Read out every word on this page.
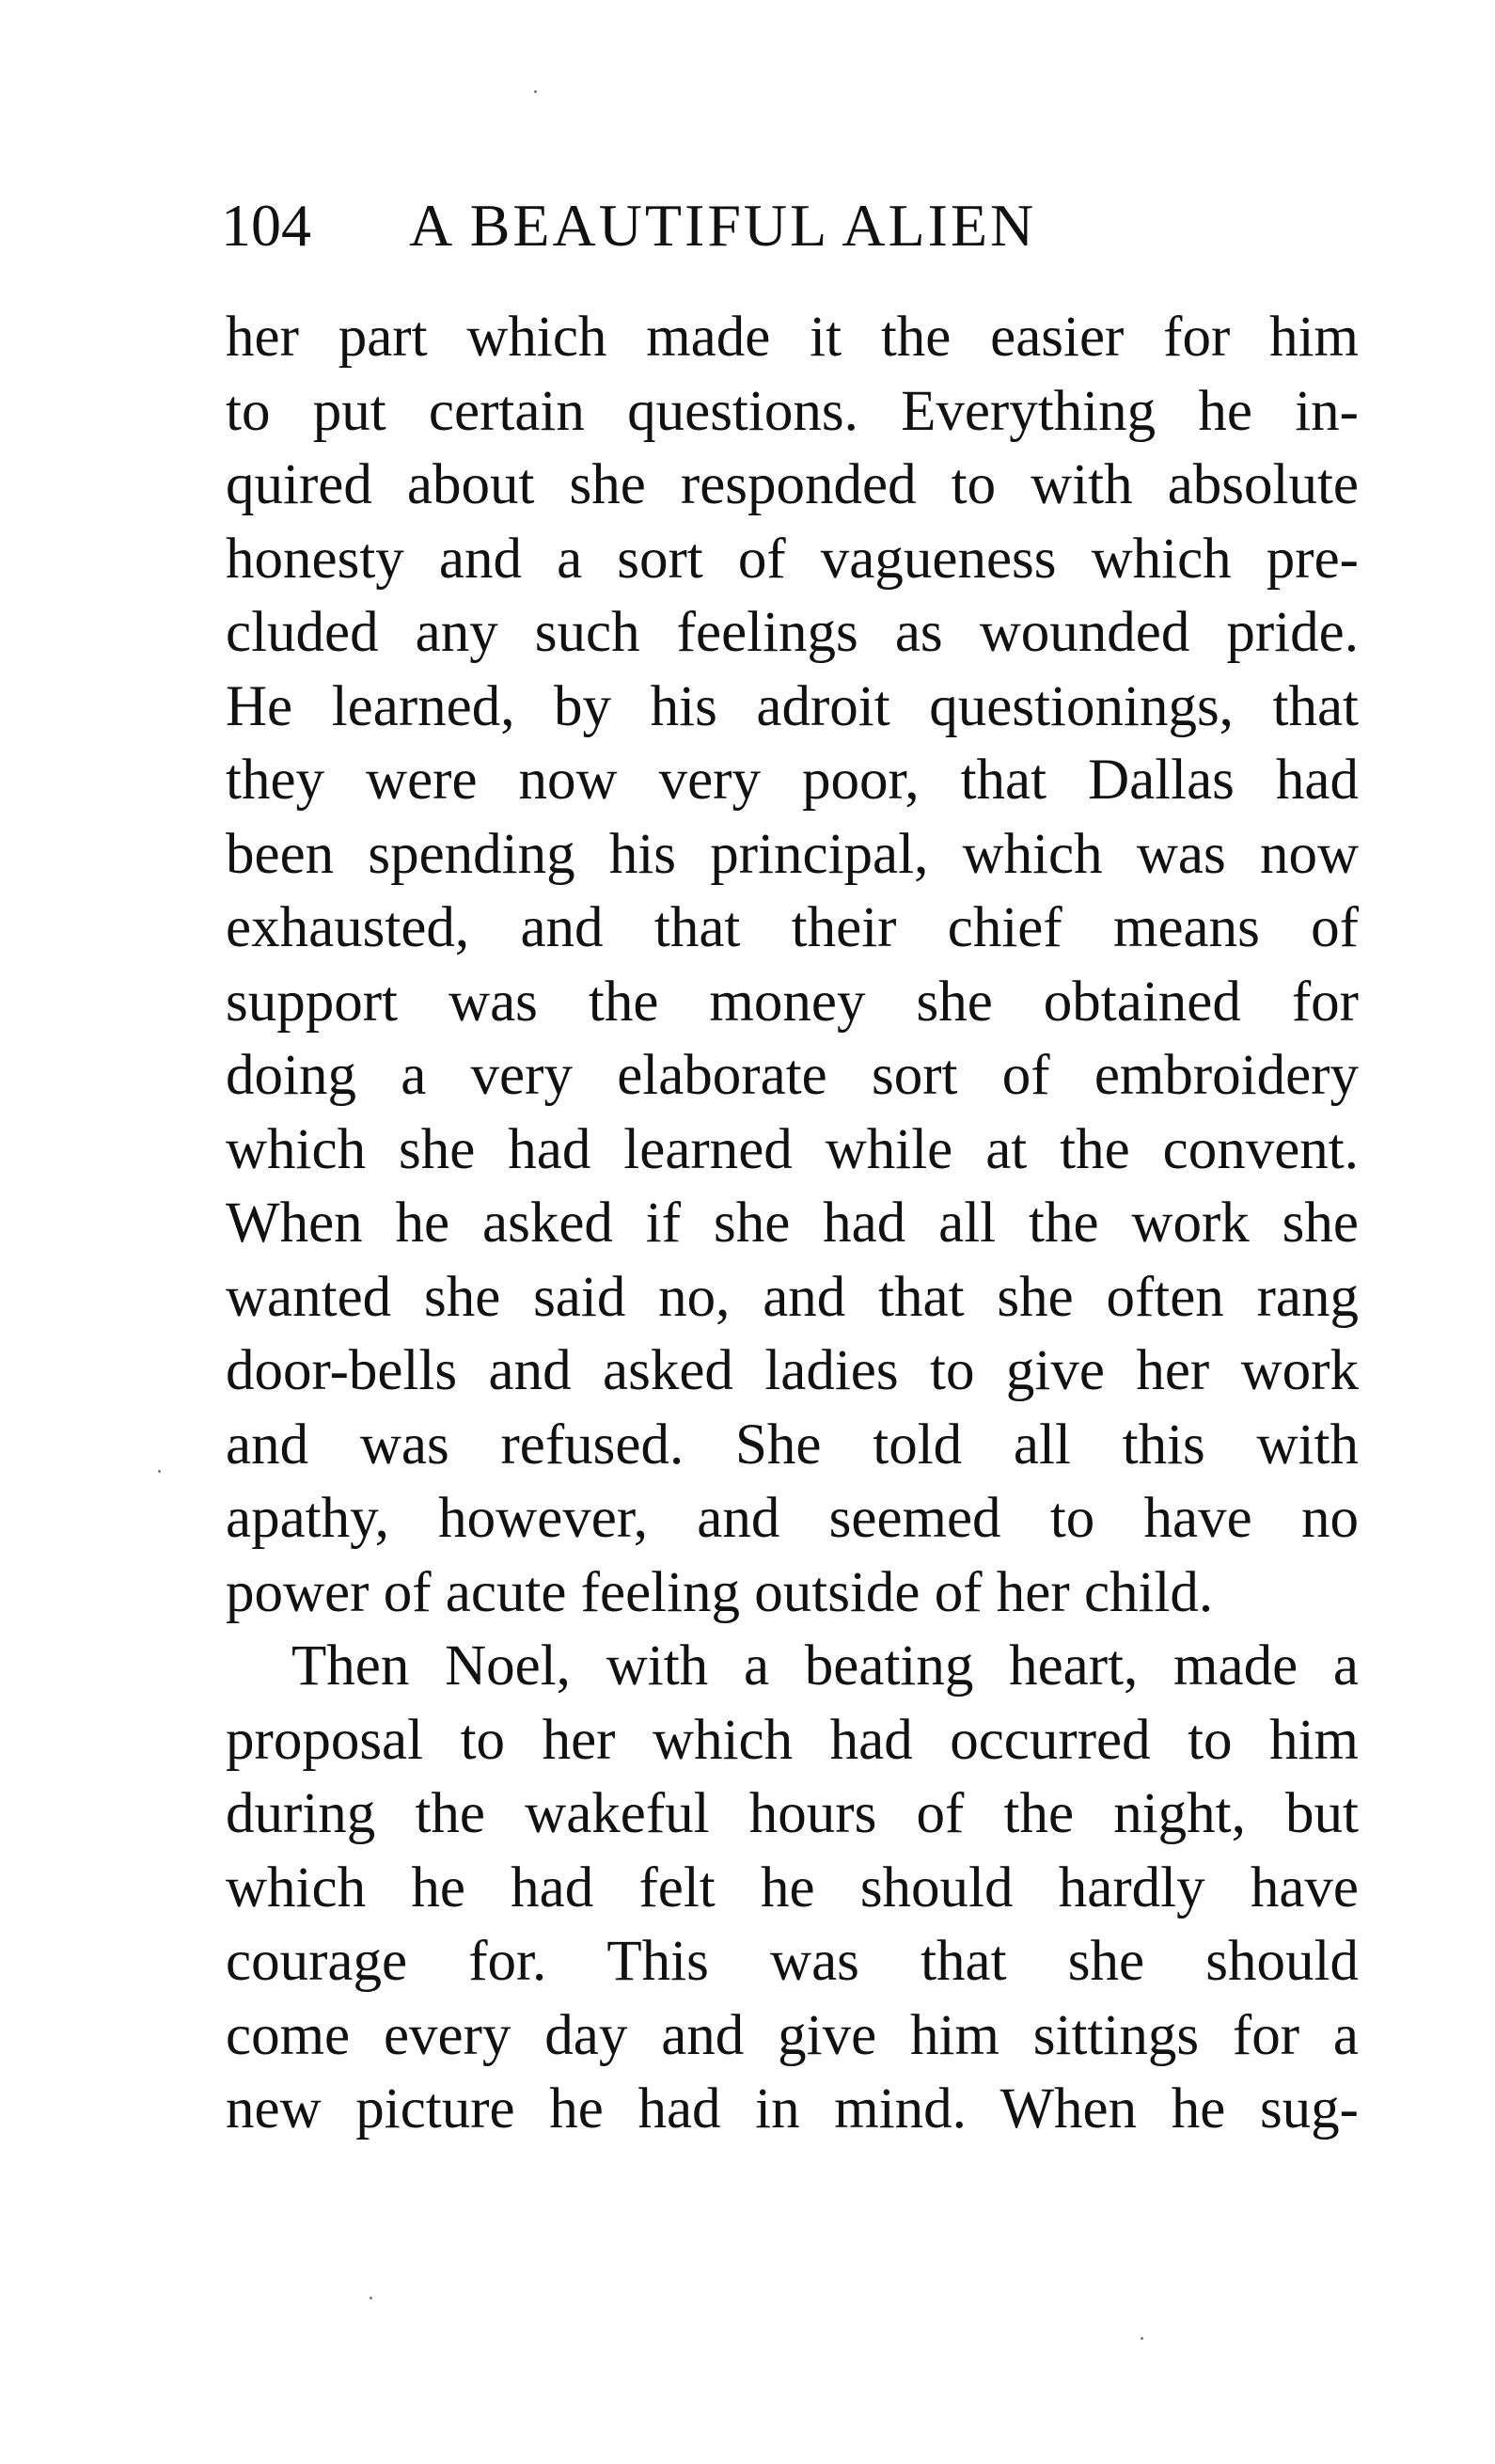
104 A BEAUTIFUL ALIEN
her part which made it the easier for him
to put certain questions. Everything he in-
quired about she responded to with absolute
honesty and a sort of vagueness which pre-
cluded any such feelings as wounded pride.
He learned, by his adroit questionings, that
they were now very poor, that Dallas had
been spending his principal, which was now
exhausted, and that their chief means of
support was the money she obtained for
doing a very elaborate sort of embroidery
which she had learned while at the convent.
When he asked if she had all the work she
wanted she said no, and that she often rang
door-bells and asked ladies to give her work
and was refused. She told all this with
apathy, however, and seemed to have no
power of acute feeling outside of her child.
Then Noel, with a beating heart, made a
proposal to her which had occurred to him
during the wakeful hours of the night, but
which he had felt he should hardly have
courage for. This was that she should
come every day and give him sittings for a
new picture he had in mind. When he sug-
